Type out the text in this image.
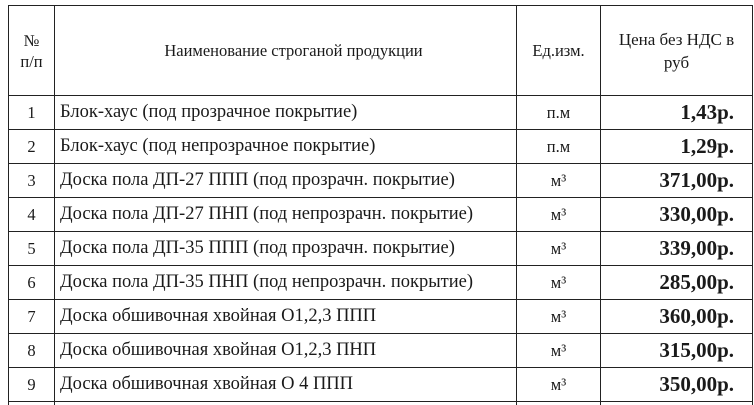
№
п/п	Наименование строганой продукции	Ед.изм.	Цена без НДС в
руб
1	Блок-хаус (под прозрачное покрытие)	п.м	1,43р.
2	Блок-хаус (под непрозрачное покрытие)	п.м	1,29р.
3	Доска пола ДП-27 ППП (под прозрачн. покрытие)	м³	371,00р.
4	Доска пола ДП-27 ПНП (под непрозрачн. покрытие)	м³	330,00р.
5	Доска пола ДП-35 ППП (под прозрачн. покрытие)	м³	339,00р.
6	Доска пола ДП-35 ПНП (под непрозрачн. покрытие)	м³	285,00р.
7	Доска обшивочная хвойная О1,2,3 ППП	м³	360,00р.
8	Доска обшивочная хвойная О1,2,3 ПНП	м³	315,00р.
9	Доска обшивочная хвойная О 4 ППП	м³	350,00р.
